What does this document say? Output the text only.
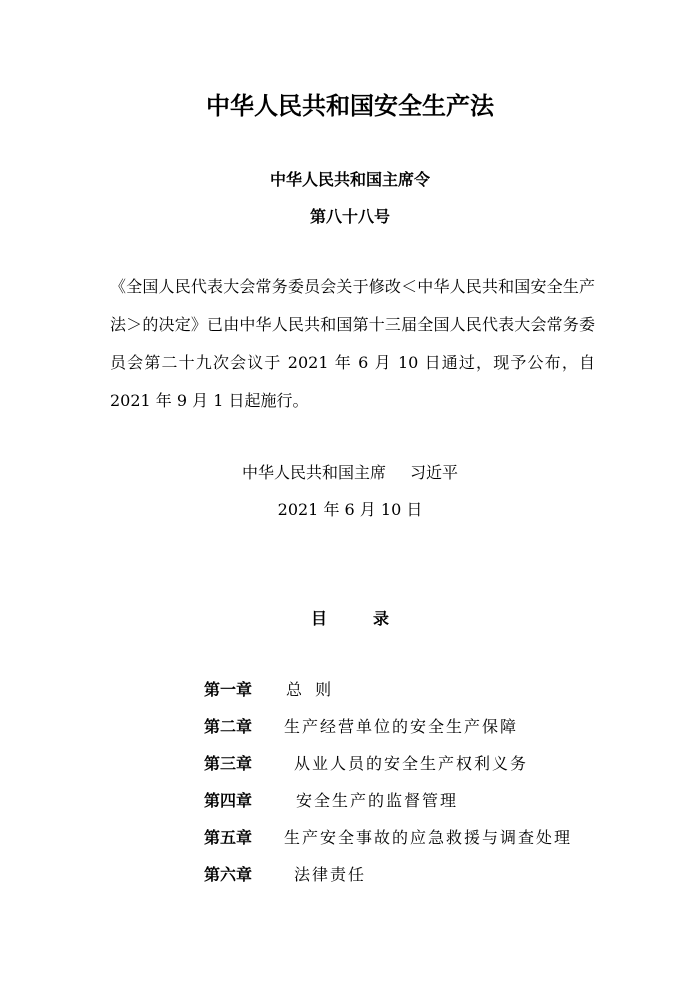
中华人民共和国安全生产法
中华人民共和国主席令
第八十八号
《全国人民代表大会常务委员会关于修改＜中华人民共和国安全生产法＞的决定》已由中华人民共和国第十三届全国人民代表大会常务委员会第二十九次会议于 2021 年 6 月 10 日通过，现予公布，自 2021 年 9 月 1 日起施行。
中华人民共和国主席 习近平
2021 年 6 月 10 日
目	录
第一章 总 则
第二章 生产经营单位的安全生产保障
第三章	从业人员的安全生产权利义务
第四章	安全生产的监督管理
第五章 生产安全事故的应急救援与调查处理
第六章	法律责任
